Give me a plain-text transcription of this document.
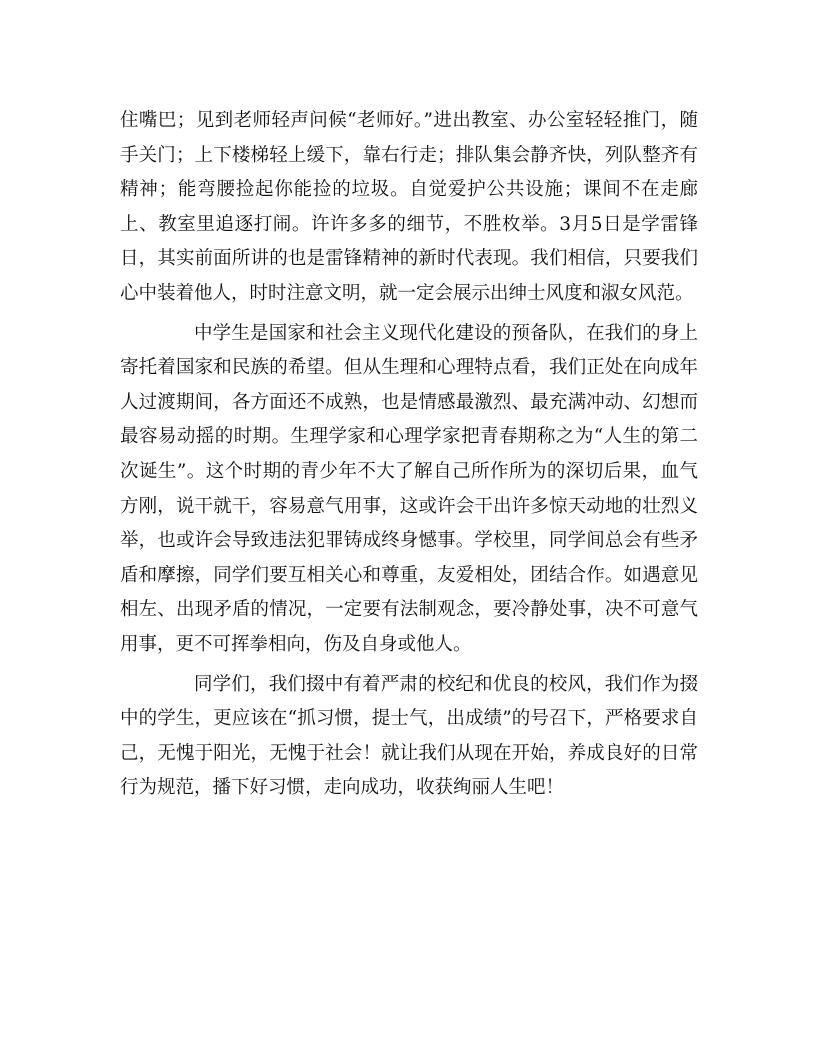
住嘴巴；见到老师轻声问候“老师好。”进出教室、办公室轻轻推门，随手关门；上下楼梯轻上缓下，靠右行走；排队集会静齐快，列队整齐有精神；能弯腰捡起你能捡的垃圾。自觉爱护公共设施；课间不在走廊上、教室里追逐打闹。许许多多的细节，不胜枚举。3月5日是学雷锋日，其实前面所讲的也是雷锋精神的新时代表现。我们相信，只要我们心中装着他人，时时注意文明，就一定会展示出绅士风度和淑女风范。

中学生是国家和社会主义现代化建设的预备队，在我们的身上寄托着国家和民族的希望。但从生理和心理特点看，我们正处在向成年人过渡期间，各方面还不成熟，也是情感最激烈、最充满冲动、幻想而最容易动摇的时期。生理学家和心理学家把青春期称之为“人生的第二次诞生”。这个时期的青少年不大了解自己所作所为的深切后果，血气方刚，说干就干，容易意气用事，这或许会干出许多惊天动地的壮烈义举，也或许会导致违法犯罪铸成终身憾事。学校里，同学间总会有些矛盾和摩擦，同学们要互相关心和尊重，友爱相处，团结合作。如遇意见相左、出现矛盾的情况，一定要有法制观念，要冷静处事，决不可意气用事，更不可挥拳相向，伤及自身或他人。

同学们，我们掇中有着严肃的校纪和优良的校风，我们作为掇中的学生，更应该在“抓习惯，提士气，出成绩”的号召下，严格要求自己，无愧于阳光，无愧于社会！就让我们从现在开始，养成良好的日常行为规范，播下好习惯，走向成功，收获绚丽人生吧！
